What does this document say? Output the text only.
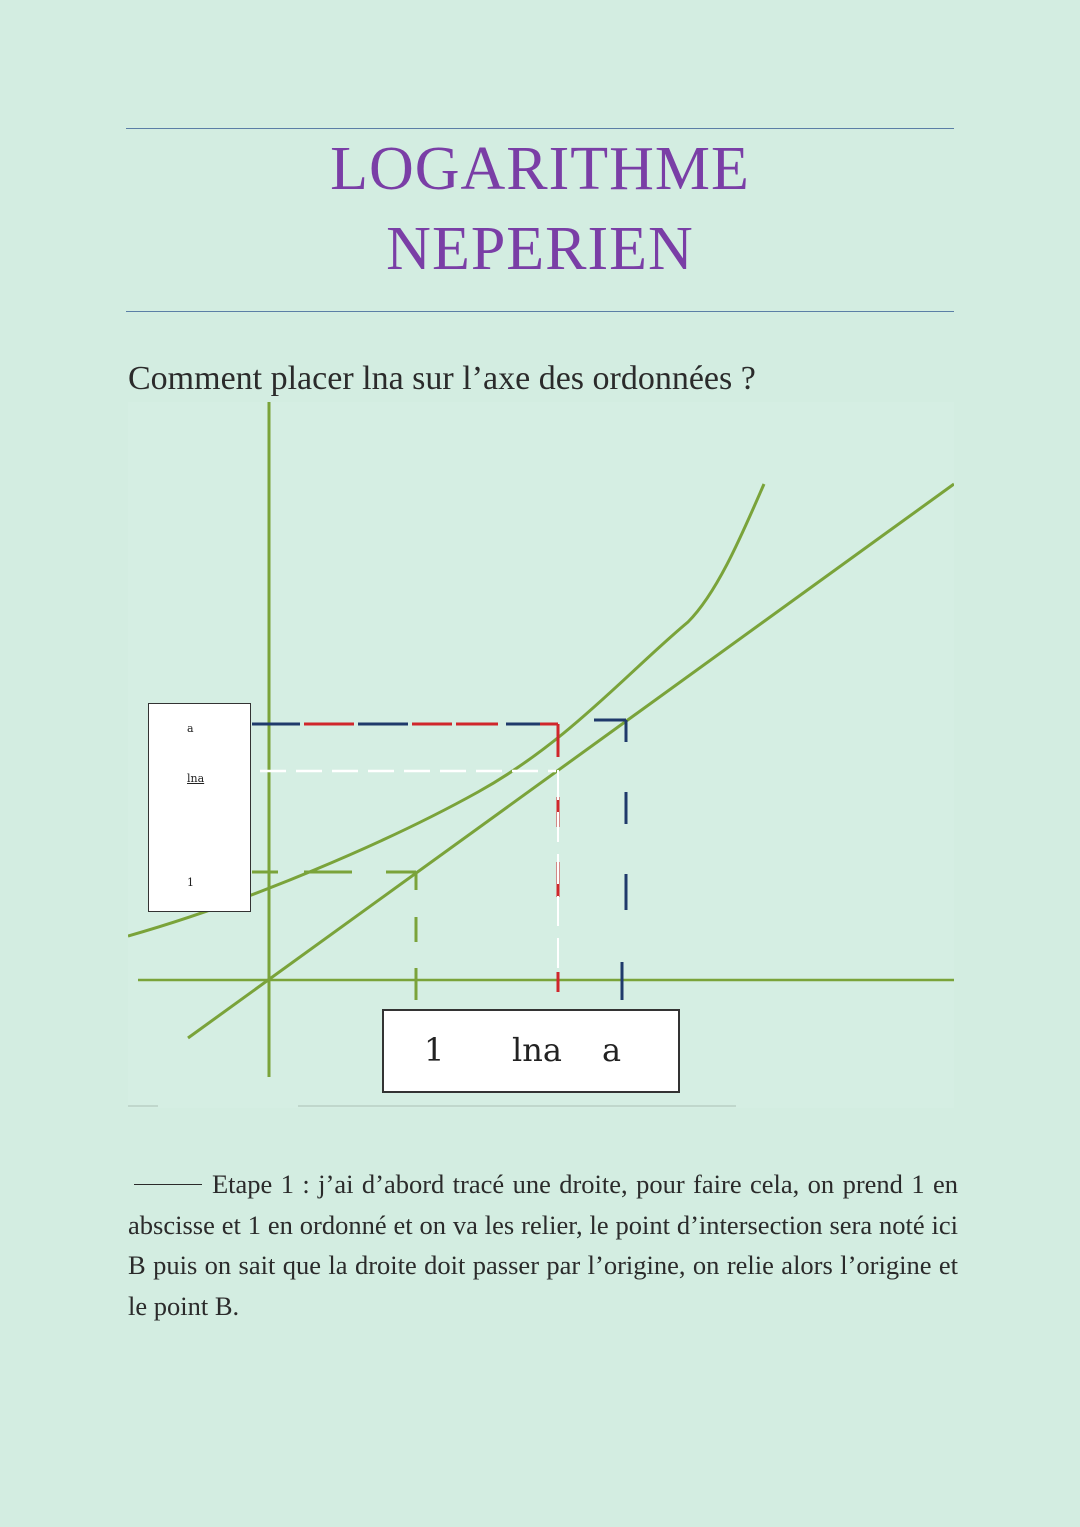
LOGARITHME
NEPERIEN
Comment placer lna sur l’axe des ordonnées ?
a
lna
1
1 lna a
Etape 1 : j’ai d’abord tracé une droite, pour faire cela, on prend 1 en abscisse et 1 en ordonné et on va les relier, le point d’intersection sera noté ici B puis on sait que la droite doit passer par l’origine, on relie alors l’origine et le point B.
